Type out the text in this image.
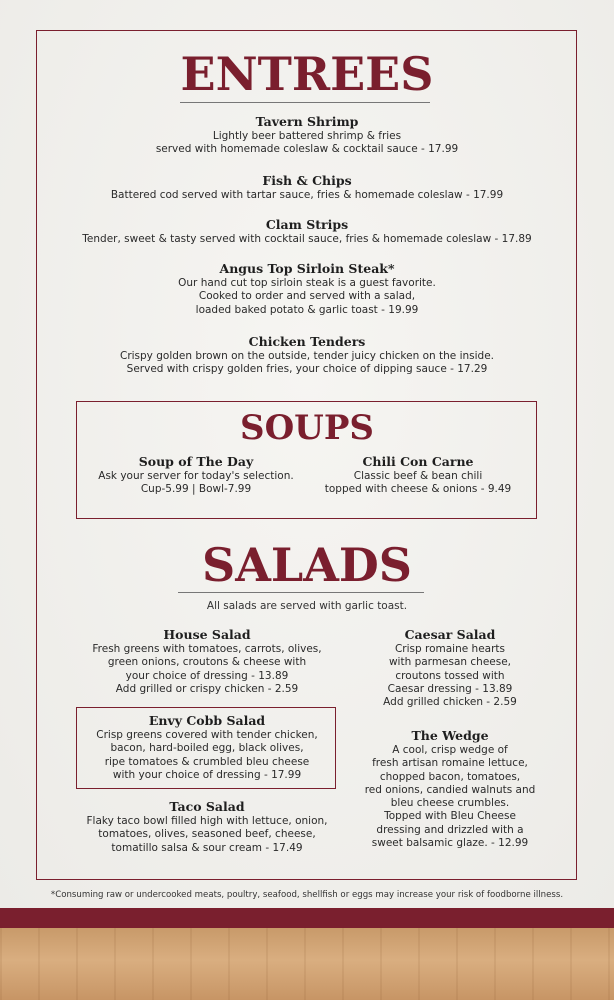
ENTREES
Tavern Shrimp
Lightly beer battered shrimp & fries
served with homemade coleslaw & cocktail sauce - 17.99
Fish & Chips
Battered cod served with tartar sauce, fries & homemade coleslaw - 17.99
Clam Strips
Tender, sweet & tasty served with cocktail sauce, fries & homemade coleslaw - 17.89
Angus Top Sirloin Steak*
Our hand cut top sirloin steak is a guest favorite.
Cooked to order and served with a salad,
loaded baked potato & garlic toast - 19.99
Chicken Tenders
Crispy golden brown on the outside, tender juicy chicken on the inside.
Served with crispy golden fries, your choice of dipping sauce - 17.29
SOUPS
Soup of The Day
Ask your server for today's selection.
Cup-5.99 | Bowl-7.99
Chili Con Carne
Classic beef & bean chili
topped with cheese & onions - 9.49
SALADS
All salads are served with garlic toast.
House Salad
Fresh greens with tomatoes, carrots, olives,
green onions, croutons & cheese with
your choice of dressing - 13.89
Add grilled or crispy chicken - 2.59
Caesar Salad
Crisp romaine hearts
with parmesan cheese,
croutons tossed with
Caesar dressing - 13.89
Add grilled chicken - 2.59
Envy Cobb Salad
Crisp greens covered with tender chicken,
bacon, hard-boiled egg, black olives,
ripe tomatoes & crumbled bleu cheese
with your choice of dressing - 17.99
The Wedge
A cool, crisp wedge of
fresh artisan romaine lettuce,
chopped bacon, tomatoes,
red onions, candied walnuts and
bleu cheese crumbles.
Topped with Bleu Cheese
dressing and drizzled with a
sweet balsamic glaze. - 12.99
Taco Salad
Flaky taco bowl filled high with lettuce, onion,
tomatoes, olives, seasoned beef, cheese,
tomatillo salsa & sour cream - 17.49
*Consuming raw or undercooked meats, poultry, seafood, shellfish or eggs may increase your risk of foodborne illness.
